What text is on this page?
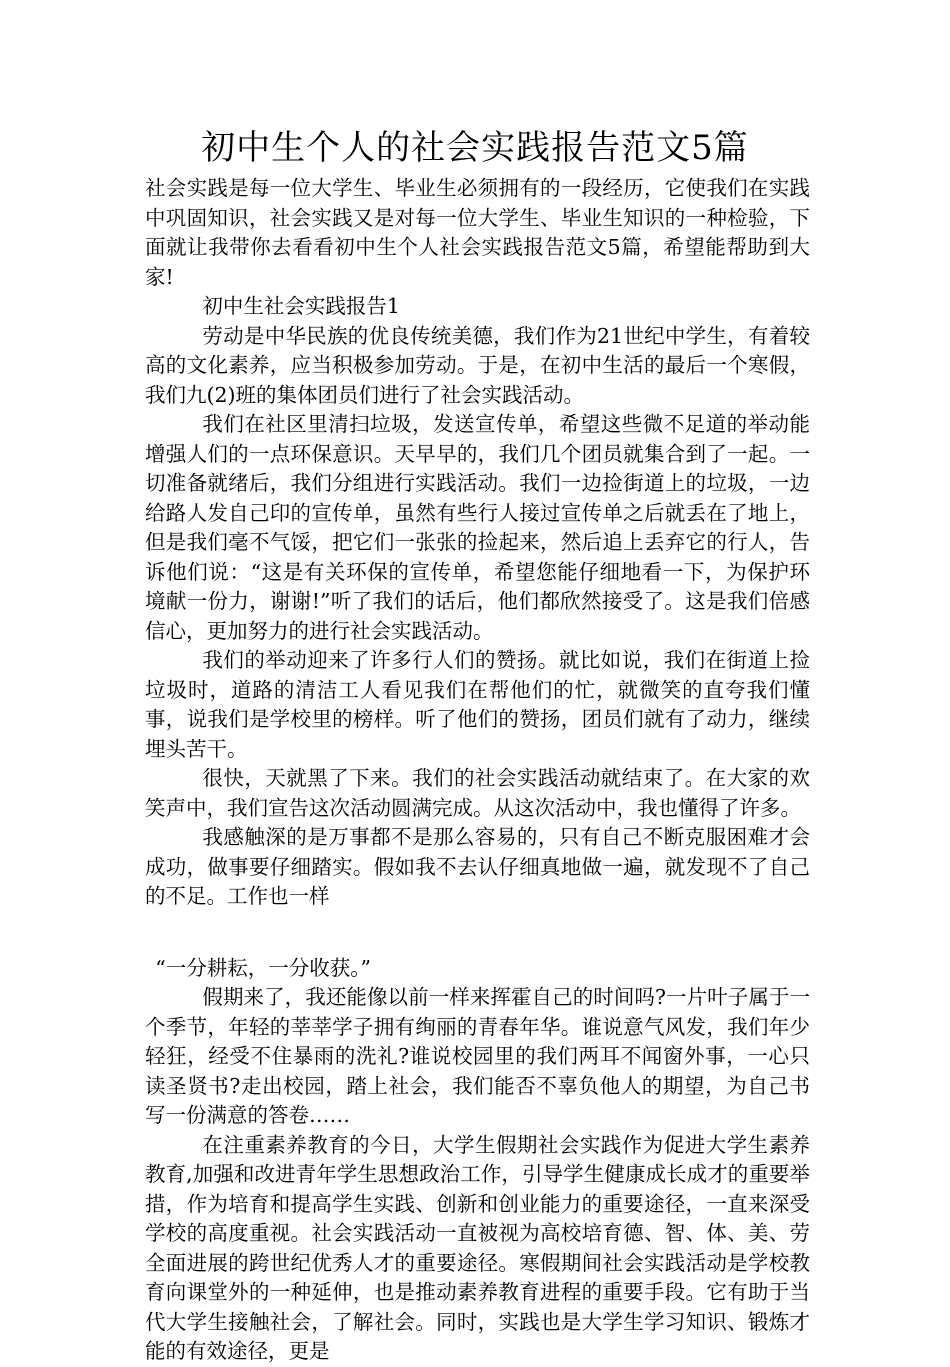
初中生个人的社会实践报告范文5篇

社会实践是每一位大学生、毕业生必须拥有的一段经历，它使我们在实践中巩固知识，社会实践又是对每一位大学生、毕业生知识的一种检验，下面就让我带你去看看初中生个人社会实践报告范文5篇，希望能帮助到大家!

初中生社会实践报告1

劳动是中华民族的优良传统美德，我们作为21世纪中学生，有着较高的文化素养，应当积极参加劳动。于是，在初中生活的最后一个寒假，我们九(2)班的集体团员们进行了社会实践活动。

我们在社区里清扫垃圾，发送宣传单，希望这些微不足道的举动能增强人们的一点环保意识。天早早的，我们几个团员就集合到了一起。一切准备就绪后，我们分组进行实践活动。我们一边捡街道上的垃圾，一边给路人发自己印的宣传单，虽然有些行人接过宣传单之后就丢在了地上，但是我们毫不气馁，把它们一张张的捡起来，然后追上丢弃它的行人，告诉他们说：“这是有关环保的宣传单，希望您能仔细地看一下，为保护环境献一份力，谢谢!”听了我们的话后，他们都欣然接受了。这是我们倍感信心，更加努力的进行社会实践活动。

我们的举动迎来了许多行人们的赞扬。就比如说，我们在街道上捡垃圾时，道路的清洁工人看见我们在帮他们的忙，就微笑的直夸我们懂事，说我们是学校里的榜样。听了他们的赞扬，团员们就有了动力，继续埋头苦干。

很快，天就黑了下来。我们的社会实践活动就结束了。在大家的欢笑声中，我们宣告这次活动圆满完成。从这次活动中，我也懂得了许多。

我感触深的是万事都不是那么容易的，只有自己不断克服困难才会成功，做事要仔细踏实。假如我不去认仔细真地做一遍，就发现不了自己的不足。工作也一样

“一分耕耘，一分收获。”

假期来了，我还能像以前一样来挥霍自己的时间吗?一片叶子属于一个季节，年轻的莘莘学子拥有绚丽的青春年华。谁说意气风发，我们年少轻狂，经受不住暴雨的洗礼?谁说校园里的我们两耳不闻窗外事，一心只读圣贤书?走出校园，踏上社会，我们能否不辜负他人的期望，为自己书写一份满意的答卷……

在注重素养教育的今日，大学生假期社会实践作为促进大学生素养教育,加强和改进青年学生思想政治工作，引导学生健康成长成才的重要举措，作为培育和提高学生实践、创新和创业能力的重要途径，一直来深受学校的高度重视。社会实践活动一直被视为高校培育德、智、体、美、劳全面进展的跨世纪优秀人才的重要途径。寒假期间社会实践活动是学校教育向课堂外的一种延伸，也是推动素养教育进程的重要手段。它有助于当代大学生接触社会，了解社会。同时，实践也是大学生学习知识、锻炼才能的有效途径，更是
